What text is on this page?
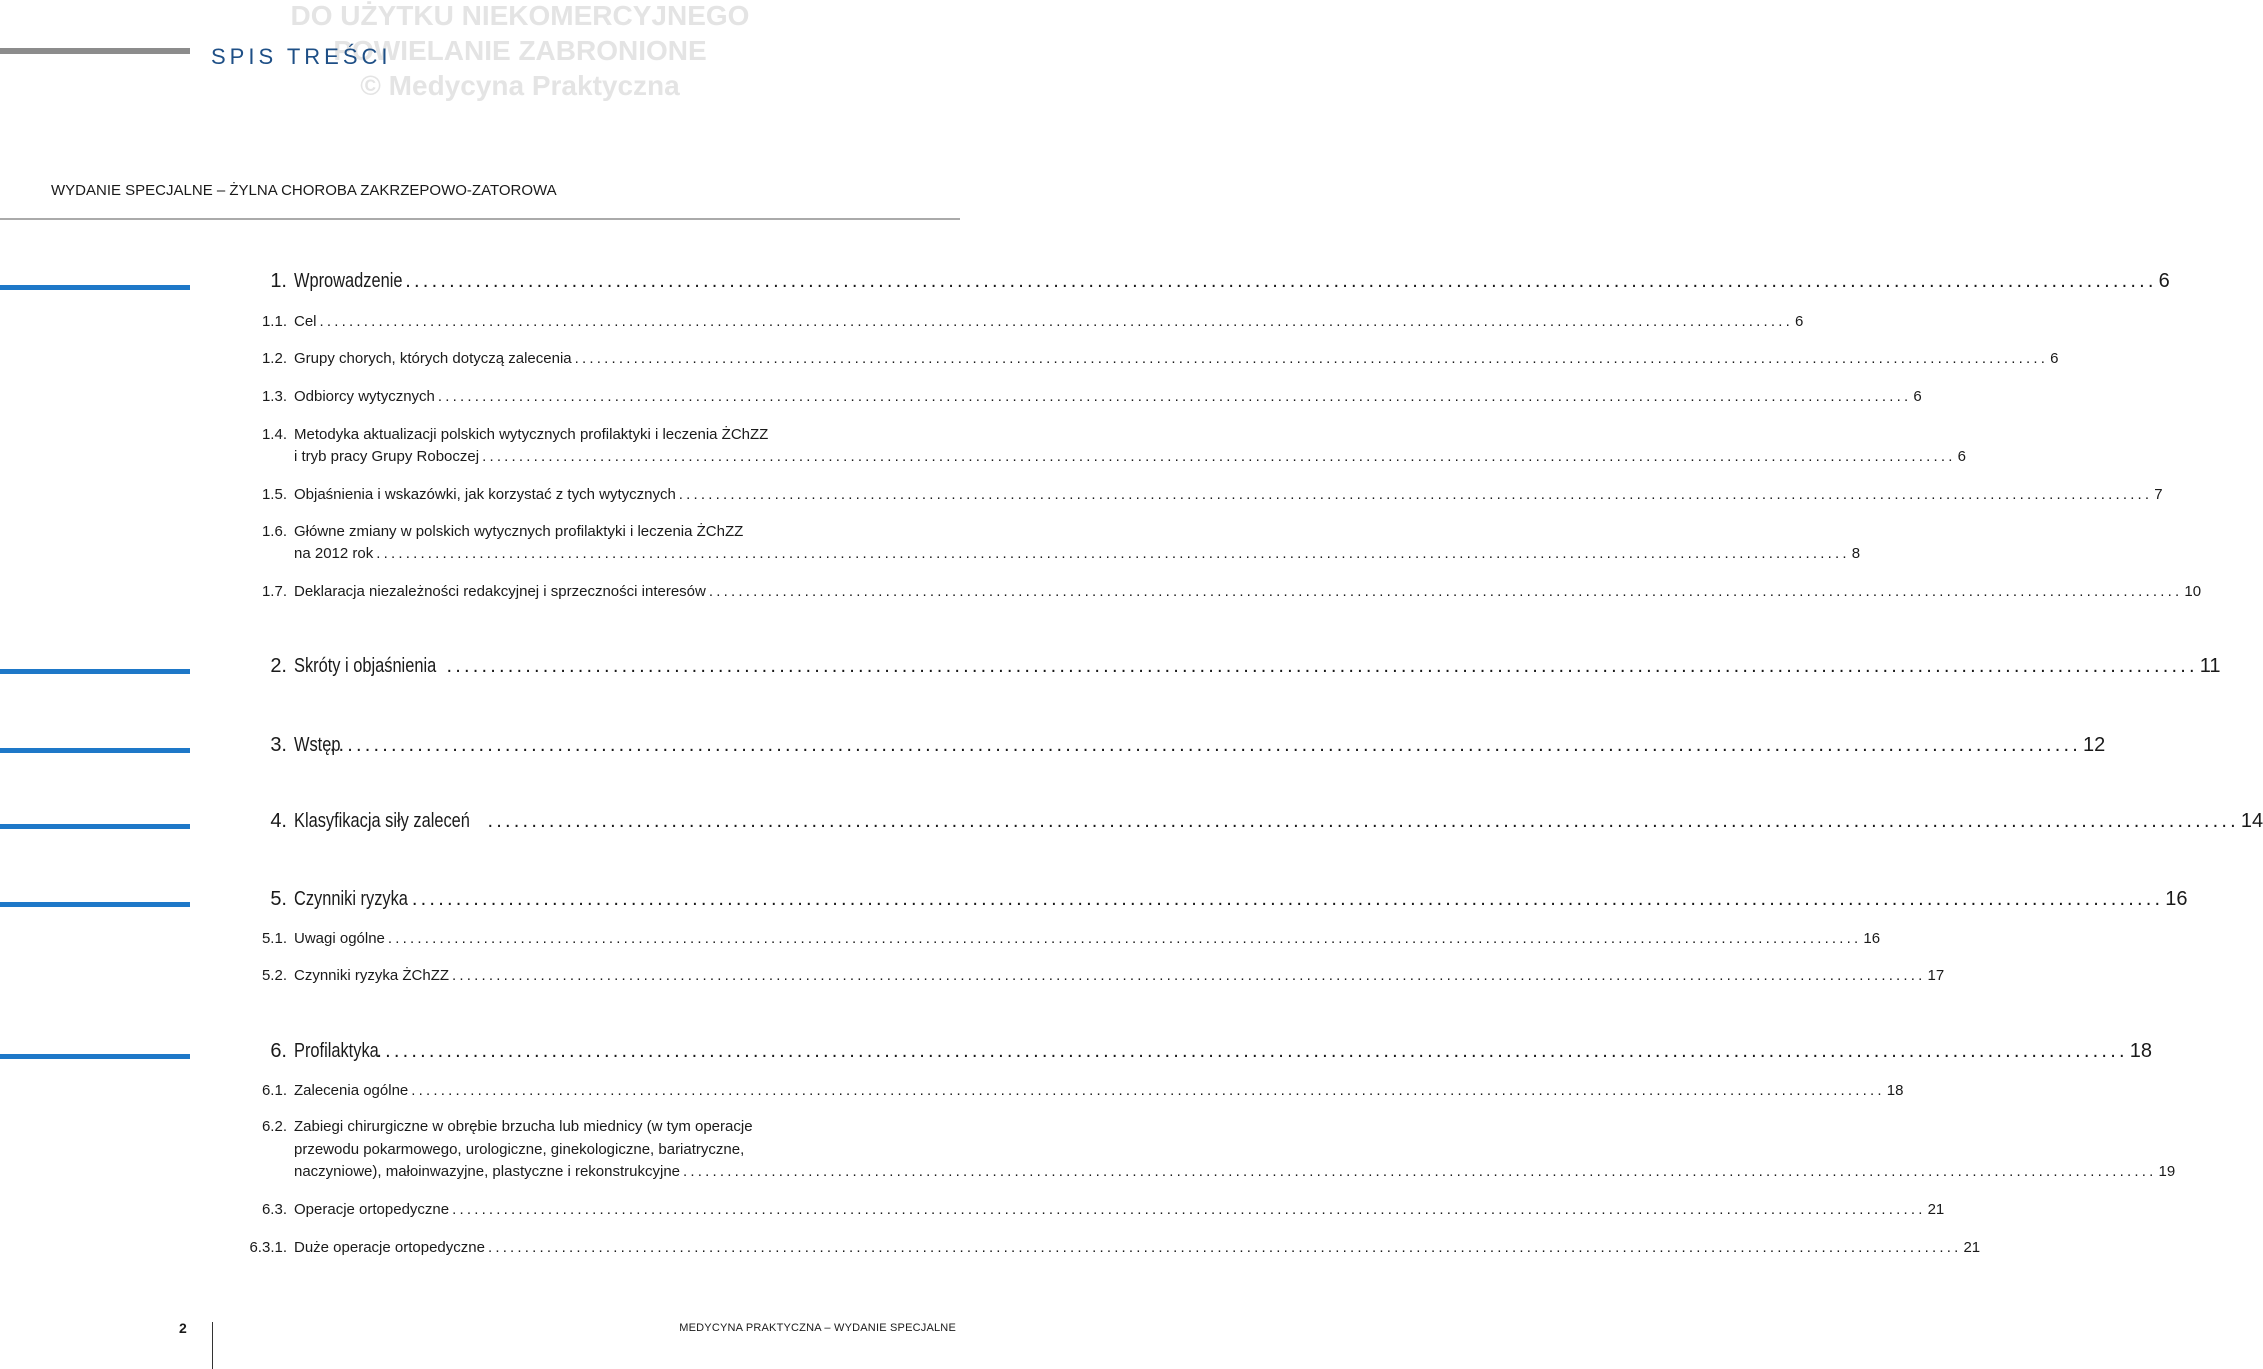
DO UŻYTKU NIEKOMERCYJNEGO
POWIELANIE ZABRONIONE
© Medycyna Praktyczna
SPIS TREŚCI
WYDANIE SPECJALNE – ŻYLNA CHOROBA ZAKRZEPOWO-ZATOROWA
1. Wprowadzenie ........................................................................................................................................................................................................ 6
1.1. Cel ........................................................................................................................................................................................................ 6
1.2. Grupy chorych, których dotyczą zalecenia ........................................................................................................................................................................................................ 6
1.3. Odbiorcy wytycznych ........................................................................................................................................................................................................ 6
1.4. Metodyka aktualizacji polskich wytycznych profilaktyki i leczenia ŻChZZ
i tryb pracy Grupy Roboczej ........................................................................................................................................................................................................ 6
1.5. Objaśnienia i wskazówki, jak korzystać z tych wytycznych ........................................................................................................................................................................................................ 7
1.6. Główne zmiany w polskich wytycznych profilaktyki i leczenia ŻChZZ
na 2012 rok ........................................................................................................................................................................................................ 8
1.7. Deklaracja niezależności redakcyjnej i sprzeczności interesów ........................................................................................................................................................................................................ 10
2. Skróty i objaśnienia ........................................................................................................................................................................................................ 11
3. Wstęp
........................................................................................................................................................................................................ 12
4. Klasyfikacja siły zaleceń ........................................................................................................................................................................................................ 14
5. Czynniki ryzyka ........................................................................................................................................................................................................ 16
5.1. Uwagi ogólne ........................................................................................................................................................................................................ 16
5.2. Czynniki ryzyka ŻChZZ ........................................................................................................................................................................................................ 17
6. Profilaktyka
........................................................................................................................................................................................................ 18
6.1. Zalecenia ogólne ........................................................................................................................................................................................................ 18
6.2. Zabiegi chirurgiczne w obrębie brzucha lub miednicy (w tym operacje
przewodu pokarmowego, urologiczne, ginekologiczne, bariatryczne,
naczyniowe), małoinwazyjne, plastyczne i rekonstrukcyjne ........................................................................................................................................................................................................ 19
6.3. Operacje ortopedyczne ........................................................................................................................................................................................................ 21
6.3.1. Duże operacje ortopedyczne ........................................................................................................................................................................................................ 21
2	MEDYCYNA PRAKTYCZNA – WYDANIE SPECJALNE
